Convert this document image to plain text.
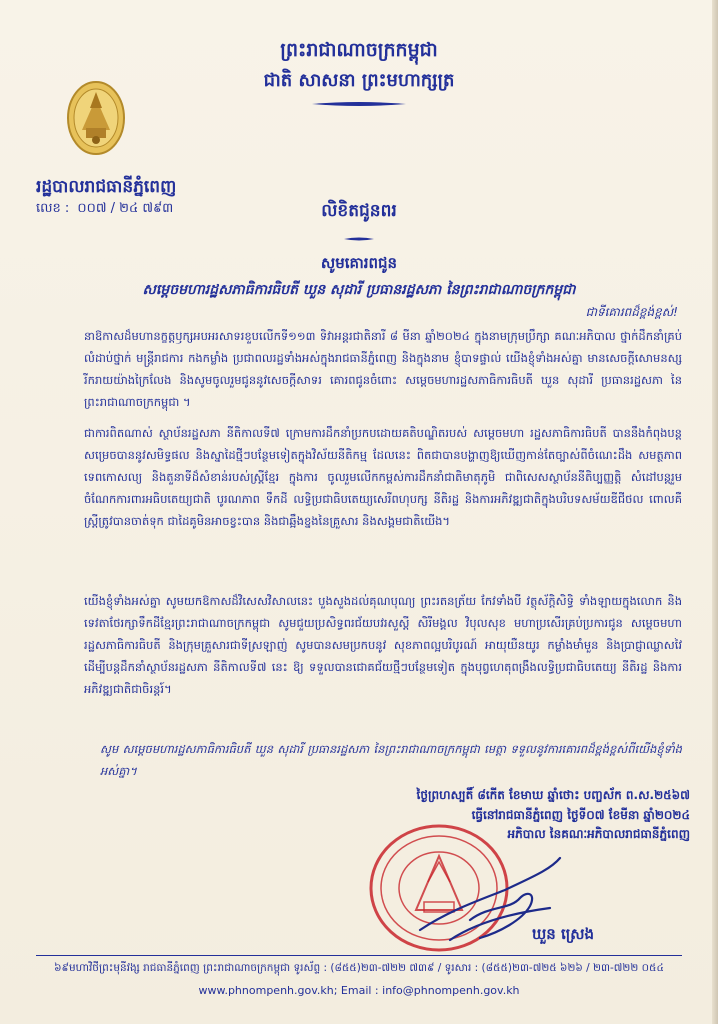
ព្រះរាជាណាចក្រកម្ពុជា
ជាតិ សាសនា ព្រះមហាក្សត្រ
រដ្ឋបាលរាជធានីភ្នំពេញ
លេខ : ០០៧ / ២៤ ៧៩៣	លិខិតជូនពរ
សូមគោរពជូន
សម្តេចមហារដ្ឋសភាធិការធិបតី ឃួន សុដារី ប្រធានរដ្ឋសភា នៃព្រះរាជាណាចក្រកម្ពុជា
ជាទីគោរពដ៏ខ្ពង់ខ្ពស់!
នាឱកាសដ៏មហានក្ខត្តឫក្សអបអរសាទរខួបលើកទី១១៣ ទិវាអន្តរជាតិនារី ៨ មីនា ឆ្នាំ២០២៤ ក្នុងនាមក្រុមប្រឹក្សា គណៈអភិបាល ថ្នាក់ដឹកនាំគ្រប់លំដាប់ថ្នាក់ មន្ត្រីរាជការ កងកម្លាំង ប្រជាពលរដ្ឋទាំងអស់ក្នុងរាជធានីភ្នំពេញ និងក្នុងនាម ខ្ញុំបាទផ្ទាល់ យើងខ្ញុំទាំងអស់គ្នា មានសេចក្តីសោមនស្សរីករាយយ៉ាងក្រៃលែង និងសូមចូលរួមជូននូវសេចក្តីសាទរ គោរពជូនចំពោះ សម្តេចមហារដ្ឋសភាធិការធិបតី ឃួន សុដារី ប្រធានរដ្ឋសភា នៃព្រះរាជាណាចក្រកម្ពុជា ។
ជាការពិតណាស់ ស្ថាប័នរដ្ឋសភា នីតិកាលទី៧ ក្រោមការដឹកនាំប្រកបដោយគតិបណ្ឌិតរបស់ សម្តេចមហា រដ្ឋសភាធិការធិបតី បាននឹងកំពុងបន្តសម្រេចបាននូវសមិទ្ធផល និងស្នាដៃថ្មីៗបន្ថែមទៀតក្នុងវិស័យនីតិកម្ម ដែលនេះ ពិតជាបានបង្ហាញឱ្យឃើញកាន់តែច្បាស់ពីចំណេះដឹង សមត្ថភាព ទេពកោសល្យ និងតួនាទីដ៏សំខាន់របស់ស្ត្រីខ្មែរ ក្នុងការ ចូលរួមលើកកម្ពស់ការដឹកនាំជាតិមាតុភូមិ ជាពិសេសស្ថាប័ននីតិប្បញ្ញត្តិ សំដៅបន្តរួមចំណែកការពារអធិបតេយ្យជាតិ បូរណភាព ទឹកដី លទ្ធិប្រជាធិបតេយ្យសេរីពហុបក្ស នីតិរដ្ឋ និងការអភិវឌ្ឍជាតិក្នុងបរិបទសម័យឌីជីថល ពោលគឺស្ត្រីត្រូវបានចាត់ទុក ជាដៃគូមិនអាចខ្វះបាន និងជាឆ្អឹងខ្នងនៃគ្រួសារ និងសង្គមជាតិយើង។
យើងខ្ញុំទាំងអស់គ្នា សូមយកឱកាសដ៏វិសេសវិសាលនេះ បួងសួងដល់គុណបុណ្យ ព្រះរតនត្រ័យ កែវទាំងបី វត្ថុស័ក្តិសិទ្ធិ ទាំងឡាយក្នុងលោក និងទេវតាថែរក្សាទឹកដីខ្មែរព្រះរាជាណាចក្រកម្ពុជា សូមជួយប្រសិទ្ធពរជ័យបវរសួស្តី សិរីមង្គល វិបុលសុខ មហាប្រសើរគ្រប់ប្រការជូន សម្តេចមហារដ្ឋសភាធិការធិបតី និងក្រុមគ្រួសារជាទីស្រឡាញ់ សូមបានសមប្រកបនូវ សុខភាពល្អបរិបូរណ៍ អាយុយឺនយូរ កម្លាំងមាំមួន និងប្រាជ្ញាឈ្លាសវៃ ដើម្បីបន្តដឹកនាំស្ថាប័នរដ្ឋសភា នីតិកាលទី៧ នេះ ឱ្យ ទទួលបានជោគជ័យថ្មីៗបន្ថែមទៀត ក្នុងបុព្វហេតុពង្រឹងលទ្ធិប្រជាធិបតេយ្យ នីតិរដ្ឋ និងការអភិវឌ្ឍជាតិជាចិរន្តរ៍។
សូម សម្តេចមហារដ្ឋសភាធិការធិបតី ឃួន សុដារី ប្រធានរដ្ឋសភា នៃព្រះរាជាណាចក្រកម្ពុជា មេត្តា ទទួលនូវការគោរពដ៏ខ្ពង់ខ្ពស់ពីយើងខ្ញុំទាំងអស់គ្នា។
ថ្ងៃព្រហស្បតិ៍ ៨កើត ខែមាឃ ឆ្នាំថោះ បញ្ចស័ក ព.ស.២៥៦៧
ធ្វើនៅរាជធានីភ្នំពេញ ថ្ងៃទី០៧ ខែមីនា ឆ្នាំ២០២៤
អភិបាល នៃគណៈអភិបាលរាជធានីភ្នំពេញ
ឃួន ស្រេង
៦៩មហាវិថីព្រះមុនីវង្ស រាជធានីភ្នំពេញ ព្រះរាជាណាចក្រកម្ពុជា ទូរស័ព្ទ : (៨៥៥)២៣-៧២២ ៧៣៩ / ទូរសារ : (៨៥៥)២៣-៧២៥ ៦២៦ / ២៣-៧២២ ០៥៤
www.phnompenh.gov.kh; Email : info@phnompenh.gov.kh
